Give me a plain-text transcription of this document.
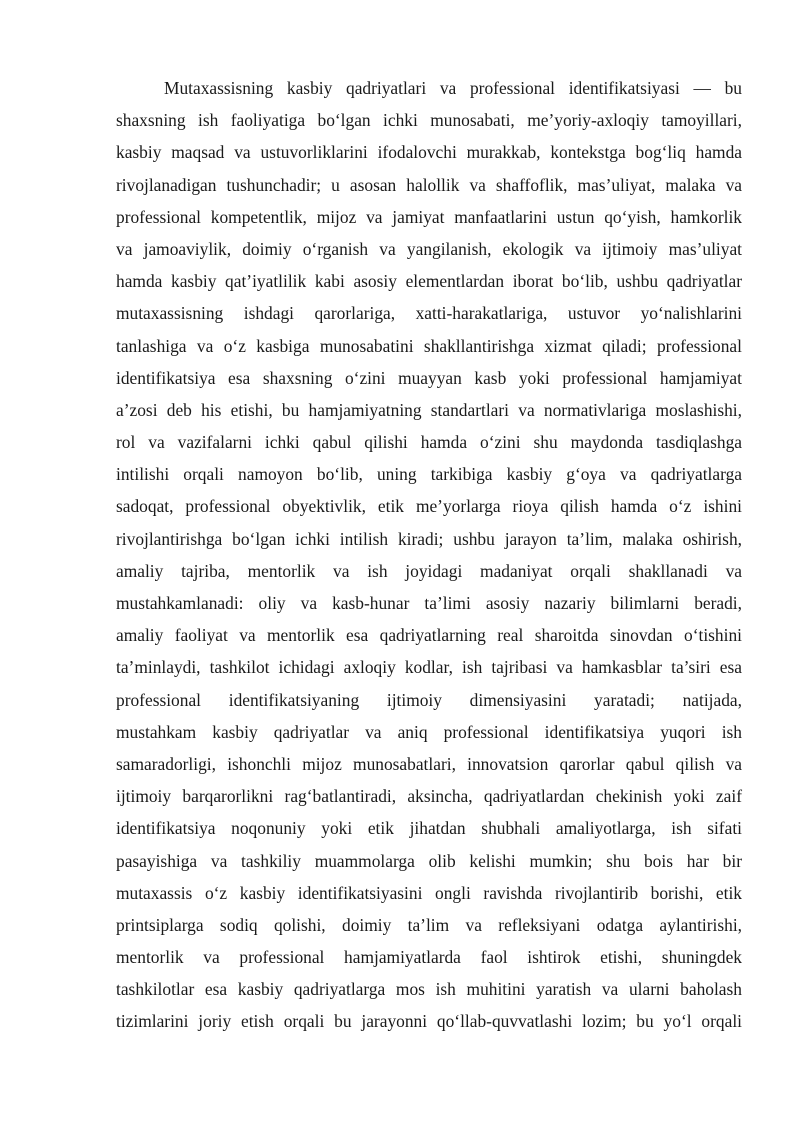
Mutaxassisning kasbiy qadriyatlari va professional identifikatsiyasi — bu
shaxsning ish faoliyatiga bo‘lgan ichki munosabati, me’yoriy-axloqiy tamoyillari,
kasbiy maqsad va ustuvorliklarini ifodalovchi murakkab, kontekstga bog‘liq hamda
rivojlanadigan tushunchadir; u asosan halollik va shaffoflik, mas’uliyat, malaka va
professional kompetentlik, mijoz va jamiyat manfaatlarini ustun qo‘yish, hamkorlik
va jamoaviylik, doimiy o‘rganish va yangilanish, ekologik va ijtimoiy mas’uliyat
hamda kasbiy qat’iyatlilik kabi asosiy elementlardan iborat bo‘lib, ushbu qadriyatlar
mutaxassisning ishdagi qarorlariga, xatti-harakatlariga, ustuvor yo‘nalishlarini
tanlashiga va o‘z kasbiga munosabatini shakllantirishga xizmat qiladi; professional
identifikatsiya esa shaxsning o‘zini muayyan kasb yoki professional hamjamiyat
a’zosi deb his etishi, bu hamjamiyatning standartlari va normativlariga moslashishi,
rol va vazifalarni ichki qabul qilishi hamda o‘zini shu maydonda tasdiqlashga
intilishi orqali namoyon bo‘lib, uning tarkibiga kasbiy g‘oya va qadriyatlarga
sadoqat, professional obyektivlik, etik me’yorlarga rioya qilish hamda o‘z ishini
rivojlantirishga bo‘lgan ichki intilish kiradi; ushbu jarayon ta’lim, malaka oshirish,
amaliy tajriba, mentorlik va ish joyidagi madaniyat orqali shakllanadi va
mustahkamlanadi: oliy va kasb-hunar ta’limi asosiy nazariy bilimlarni beradi,
amaliy faoliyat va mentorlik esa qadriyatlarning real sharoitda sinovdan o‘tishini
ta’minlaydi, tashkilot ichidagi axloqiy kodlar, ish tajribasi va hamkasblar ta’siri esa
professional identifikatsiyaning ijtimoiy dimensiyasini yaratadi; natijada,
mustahkam kasbiy qadriyatlar va aniq professional identifikatsiya yuqori ish
samaradorligi, ishonchli mijoz munosabatlari, innovatsion qarorlar qabul qilish va
ijtimoiy barqarorlikni rag‘batlantiradi, aksincha, qadriyatlardan chekinish yoki zaif
identifikatsiya noqonuniy yoki etik jihatdan shubhali amaliyotlarga, ish sifati
pasayishiga va tashkiliy muammolarga olib kelishi mumkin; shu bois har bir
mutaxassis o‘z kasbiy identifikatsiyasini ongli ravishda rivojlantirib borishi, etik
printsiplarga sodiq qolishi, doimiy ta’lim va refleksiyani odatga aylantirishi,
mentorlik va professional hamjamiyatlarda faol ishtirok etishi, shuningdek
tashkilotlar esa kasbiy qadriyatlarga mos ish muhitini yaratish va ularni baholash
tizimlarini joriy etish orqali bu jarayonni qo‘llab-quvvatlashi lozim; bu yo‘l orqali
